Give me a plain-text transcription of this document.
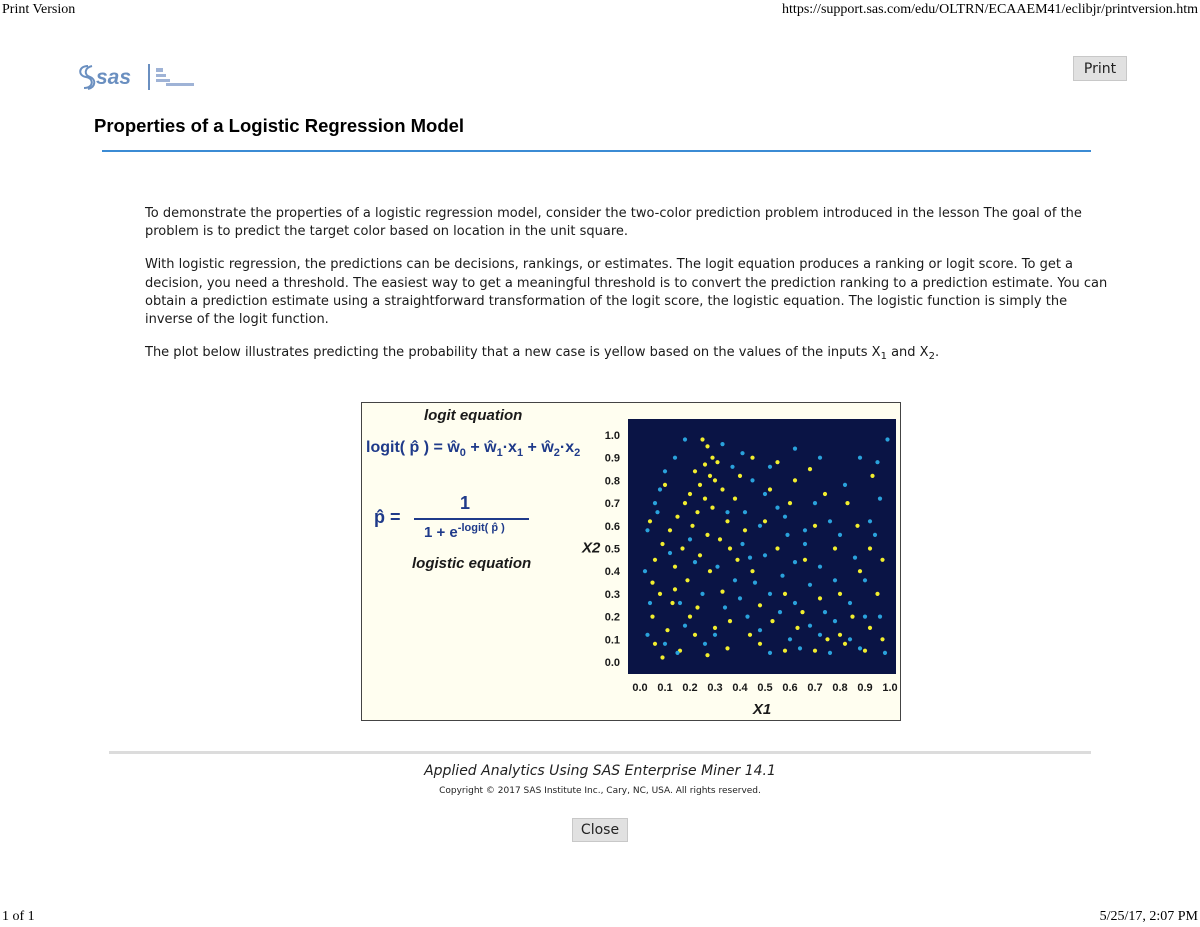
Print Version	https://support.sas.com/edu/OLTRN/ECAAEM41/eclibjr/printversion.htm
sas	Print
Properties of a Logistic Regression Model

To demonstrate the properties of a logistic regression model, consider the two-color prediction problem introduced in the lesson The goal of the problem is to predict the target color based on location in the unit square.

With logistic regression, the predictions can be decisions, rankings, or estimates. The logit equation produces a ranking or logit score. To get a decision, you need a threshold. The easiest way to get a meaningful threshold is to convert the prediction ranking to a prediction estimate. You can obtain a prediction estimate using a straightforward transformation of the logit score, the logistic equation. The logistic function is simply the inverse of the logit function.

The plot below illustrates predicting the probability that a new case is yellow based on the values of the inputs $X_1$ and $X_2$.

logit equation
logit( p̂ ) = $ŵ_0$ + $ŵ_1\cdot x_1$ + $ŵ_2\cdot x_2$
p̂ =
1
$1 + e^{-logit( p̂ )}$
logistic equation
0.0
0.1
0.2
0.3
0.4
0.5
0.6
0.7
0.8
0.9
1.0
0.0 0.1 0.2 0.3 0.4 0.5 0.6 0.7 0.8 0.9 1.0
X1
X2
Applied Analytics Using SAS Enterprise Miner 14.1
Copyright © 2017 SAS Institute Inc., Cary, NC, USA. All rights reserved.
Close
1 of 1	5/25/17, 2:07 PM
